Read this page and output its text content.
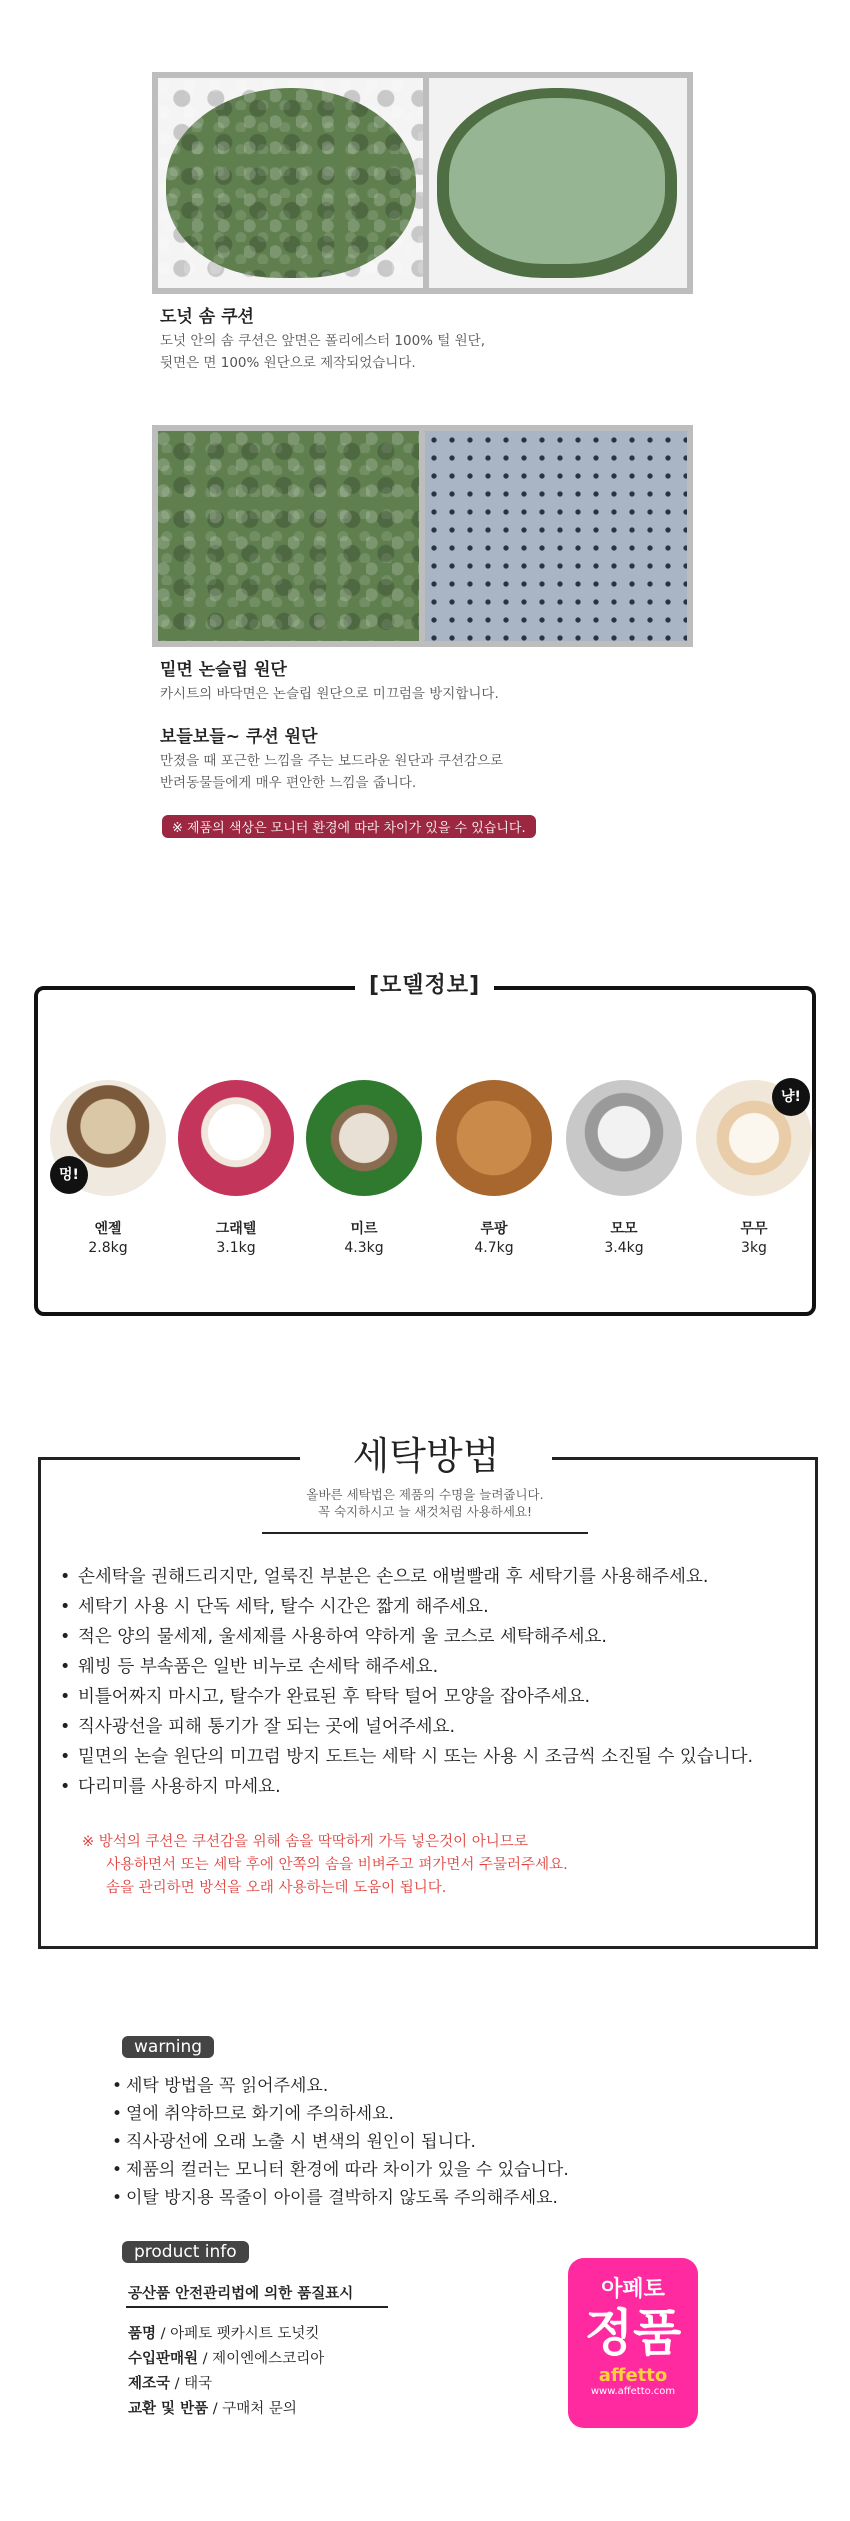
도넛 솜 쿠션
도넛 안의 솜 쿠션은 앞면은 폴리에스터 100% 털 원단,
뒷면은 면 100% 원단으로 제작되었습니다.
밑면 논슬립 원단
카시트의 바닥면은 논슬립 원단으로 미끄럼을 방지합니다.
보들보들~ 쿠션 원단
만졌을 때 포근한 느낌을 주는 보드라운 원단과 쿠션감으로
반려동물들에게 매우 편안한 느낌을 줍니다.
※ 제품의 색상은 모니터 환경에 따라 차이가 있을 수 있습니다.
[모델정보]
멍!
엔젤
2.8kg
그래텔
3.1kg
미르
4.3kg
루팡
4.7kg
모모
3.4kg
냥!
무무
3kg
세탁방법
올바른 세탁법은 제품의 수명을 늘려줍니다.
꼭 숙지하시고 늘 새것처럼 사용하세요!
• 손세탁을 권해드리지만, 얼룩진 부분은 손으로 애벌빨래 후 세탁기를 사용해주세요.
• 세탁기 사용 시 단독 세탁, 탈수 시간은 짧게 해주세요.
• 적은 양의 물세제, 울세제를 사용하여 약하게 울 코스로 세탁해주세요.
• 웨빙 등 부속품은 일반 비누로 손세탁 해주세요.
• 비틀어짜지 마시고, 탈수가 완료된 후 탁탁 털어 모양을 잡아주세요.
• 직사광선을 피해 통기가 잘 되는 곳에 널어주세요.
• 밑면의 논슬 원단의 미끄럼 방지 도트는 세탁 시 또는 사용 시 조금씩 소진될 수 있습니다.
• 다리미를 사용하지 마세요.
※ 방석의 쿠션은 쿠션감을 위해 솜을 딱딱하게 가득 넣은것이 아니므로
사용하면서 또는 세탁 후에 안쪽의 솜을 비벼주고 펴가면서 주물러주세요.
솜을 관리하면 방석을 오래 사용하는데 도움이 됩니다.
warning
• 세탁 방법을 꼭 읽어주세요.
• 열에 취약하므로 화기에 주의하세요.
• 직사광선에 오래 노출 시 변색의 원인이 됩니다.
• 제품의 컬러는 모니터 환경에 따라 차이가 있을 수 있습니다.
• 이탈 방지용 목줄이 아이를 결박하지 않도록 주의해주세요.
product info
공산품 안전관리법에 의한 품질표시
품명 / 아페토 펫카시트 도넛킷
수입판매원 / 제이엔에스코리아
제조국 / 태국
교환 및 반품 / 구매처 문의
아페토
정품
affetto
www.affetto.com
